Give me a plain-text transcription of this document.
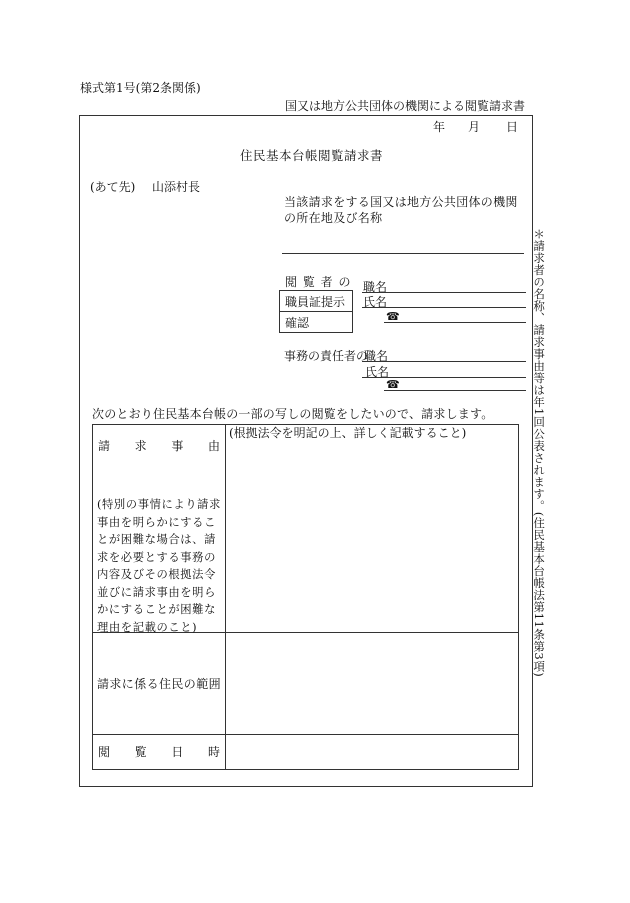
様式第1号(第2条関係)
国又は地方公共団体の機関による閲覧請求書
年 月 日
住民基本台帳閲覧請求書
(あて先) 山添村長
当該請求をする国又は地方公共団体の機関
の所在地及び名称
閲 覧 者 の
職員証提示
確認
職名
氏名
☎
事務の責任者の
職名
氏名
☎	＊請求者の名称、請求事由等は年1回公表されます。(住民基本台帳法第11条第3項)
次のとおり住民基本台帳の一部の写しの閲覧をしたいので、請求します。
請 求 事 由
(特別の事情により請求事由を明らかにすることが困難な場合は、請求を必要とする事務の内容及びその根拠法令並びに請求事由を明らかにすることが困難な理由を記載のこと)
(根拠法令を明記の上、詳しく記載すること)
請求に係る住民の範囲
閲 覧 日 時
